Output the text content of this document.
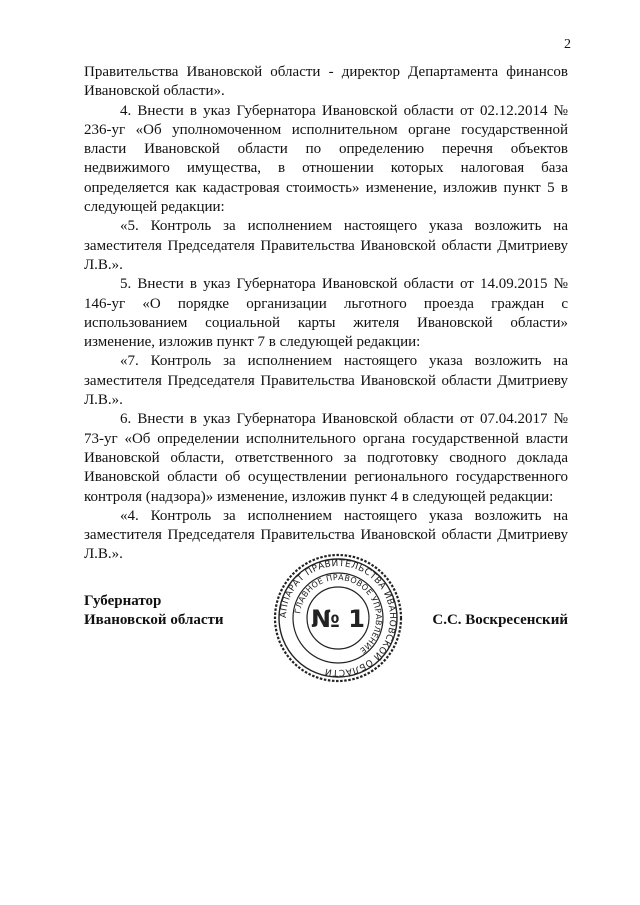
2

Правительства Ивановской области - директор Департамента финансов Ивановской области».

4. Внести в указ Губернатора Ивановской области от 02.12.2014 № 236-уг «Об уполномоченном исполнительном органе государственной власти Ивановской области по определению перечня объектов недвижимого имущества, в отношении которых налоговая база определяется как кадастровая стоимость» изменение, изложив пункт 5 в следующей редакции:

«5. Контроль за исполнением настоящего указа возложить на заместителя Председателя Правительства Ивановской области Дмитриеву Л.В.».

5. Внести в указ Губернатора Ивановской области от 14.09.2015 № 146-уг «О порядке организации льготного проезда граждан с использованием социальной карты жителя Ивановской области» изменение, изложив пункт 7 в следующей редакции:

«7. Контроль за исполнением настоящего указа возложить на заместителя Председателя Правительства Ивановской области Дмитриеву Л.В.».

6. Внести в указ Губернатора Ивановской области от 07.04.2017 № 73-уг «Об определении исполнительного органа государственной власти Ивановской области, ответственного за подготовку сводного доклада Ивановской области об осуществлении регионального государственного контроля (надзора)» изменение, изложив пункт 4 в следующей редакции:

«4. Контроль за исполнением настоящего указа возложить на заместителя Председателя Правительства Ивановской области Дмитриеву Л.В.».

Губернатор
Ивановской области	АППАРАТ ПРАВИТЕЛЬСТВА ИВАНОВСКОЙ ОБЛАСТИ
ГЛАВНОЕ ПРАВОВОЕ УПРАВЛЕНИЕ
№ 1	С.С. Воскресенский
